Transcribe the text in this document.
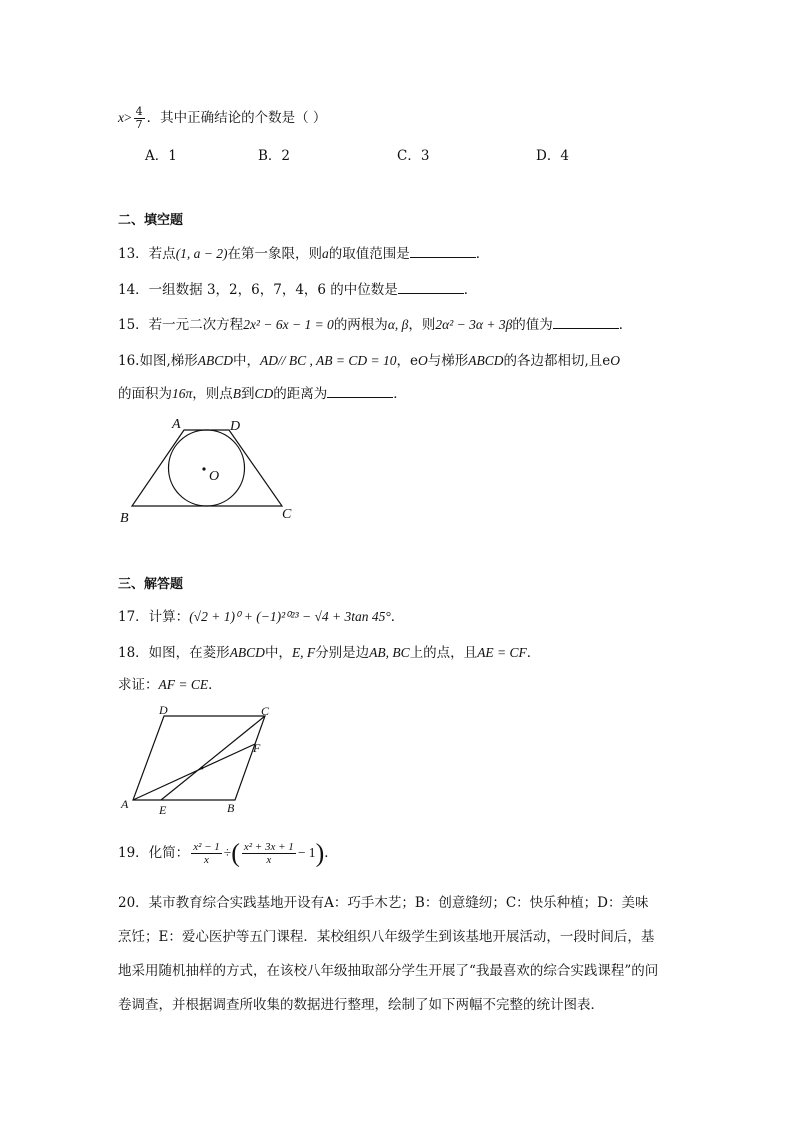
$x> \frac{4}{7}$ ．其中正确结论的个数是（ ）
A．1	B．2	C．3	D．4
二、填空题
13．若点(1, a − 2)在第一象限，则a的取值范围是	．
14．一组数据 3，2，6，7，4，6 的中位数是	．
15．若一元二次方程2x² − 6x − 1 = 0的两根为α, β，则2α² − 3α + 3β的值为	．
16.如图,梯形ABCD中，AD// BC , AB = CD = 10，eO与梯形ABCD的各边都相切,且eO
的面积为16π，则点B到CD的距离为	．
A	D
O
B	C
三、解答题
17．计算：(√2 + 1)⁰ + (−1)²⁰²³ − √4 + 3tan 45°．
18．如图，在菱形ABCD中，E, F分别是边AB, BC上的点，且AE = CF．
求证：AF = CE．
D	C
F
A	E	B
19．化简： $\frac{\text{x² − 1}}{x}$ ÷( $\frac{\text{x² + 3x + 1}}{x} - 1$)．
20．某市教育综合实践基地开设有A：巧手木艺；B：创意缝纫；C：快乐种植；D：美味
烹饪；E：爱心医护等五门课程．某校组织八年级学生到该基地开展活动，一段时间后，基
地采用随机抽样的方式，在该校八年级抽取部分学生开展了“我最喜欢的综合实践课程”的问
卷调查，并根据调查所收集的数据进行整理，绘制了如下两幅不完整的统计图表．
